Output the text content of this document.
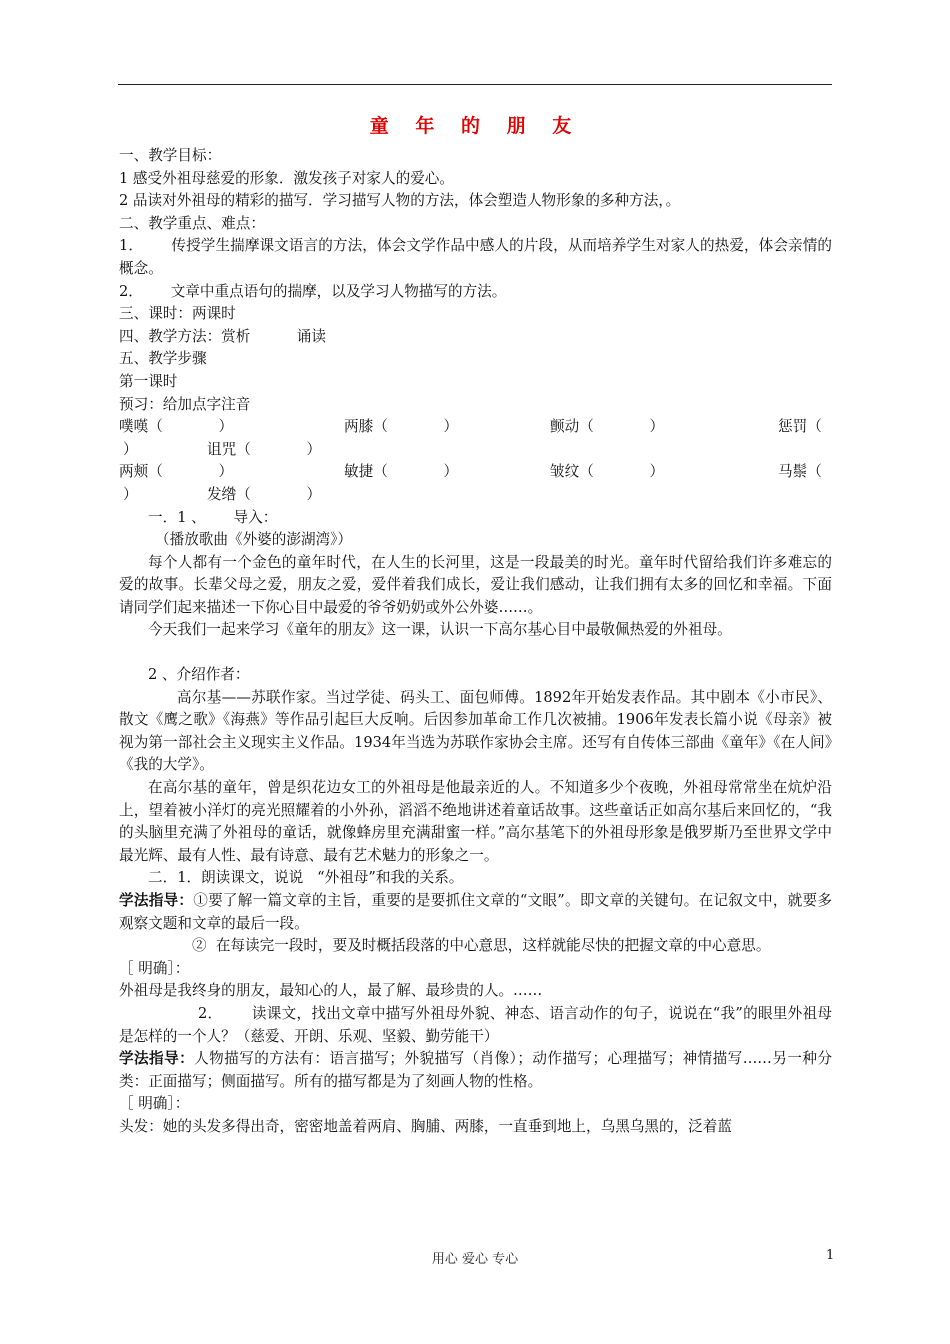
童 年 的 朋 友

一、教学目标：

1 感受外祖母慈爱的形象．激发孩子对家人的爱心。

2 品读对外祖母的精彩的描写．学习描写人物的方法，体会塑造人物形象的多种方法，。

二、教学重点、难点：

1．      传授学生揣摩课文语言的方法，体会文学作品中感人的片段，从而培养学生对家人的热爱，体会亲情的概念。

2．      文章中重点语句的揣摩，以及学习人物描写的方法。

三、课时：两课时

四、教学方法：赏析          诵读

五、教学步骤

第一课时

预习：给加点字注音

噗嘆（            ）	两膝（            ）	颤动（            ）	惩罚（
）	诅咒（            ）
两颊（            ）	敏捷（            ）	皱纹（            ）	马鬃（
）	发绺（            ）

一．1 、      导入：

（播放歌曲《外婆的澎湖湾》）

每个人都有一个金色的童年时代，在人生的长河里，这是一段最美的时光。童年时代留给我们许多难忘的爱的故事。长辈父母之爱，朋友之爱，爱伴着我们成长，爱让我们感动，让我们拥有太多的回忆和幸福。下面请同学们起来描述一下你心目中最爱的爷爷奶奶或外公外婆……。

今天我们一起来学习《童年的朋友》这一课，认识一下高尔基心目中最敬佩热爱的外祖母。

2 、介绍作者：

高尔基——苏联作家。当过学徒、码头工、面包师傅。1892年开始发表作品。其中剧本《小市民》、散文《鹰之歌》《海燕》等作品引起巨大反响。后因参加革命工作几次被捕。1906年发表长篇小说《母亲》被视为第一部社会主义现实主义作品。1934年当选为苏联作家协会主席。还写有自传体三部曲《童年》《在人间》《我的大学》。

在高尔基的童年，曾是织花边女工的外祖母是他最亲近的人。不知道多少个夜晚，外祖母常常坐在炕炉沿上，望着被小洋灯的亮光照耀着的小外孙，滔滔不绝地讲述着童话故事。这些童话正如高尔基后来回忆的，“我的头脑里充满了外祖母的童话，就像蜂房里充满甜蜜一样。”高尔基笔下的外祖母形象是俄罗斯乃至世界文学中最光辉、最有人性、最有诗意、最有艺术魅力的形象之一。

二．1．朗读课文，说说   “外祖母”和我的关系。

学法指导：①要了解一篇文章的主旨，重要的是要抓住文章的“文眼”。即文章的关键句。在记叙文中，就要多观察文题和文章的最后一段。

②  在每读完一段时，要及时概括段落的中心意思，这样就能尽快的把握文章的中心意思。

［ 明确］：

外祖母是我终身的朋友，最知心的人，最了解、最珍贵的人。……

2．      读课文，找出文章中描写外祖母外貌、神态、语言动作的句子，说说在“我”的眼里外祖母是怎样的一个人？（慈爱、开朗、乐观、坚毅、勤劳能干）

学法指导：人物描写的方法有：语言描写；外貌描写（肖像）；动作描写；心理描写；神情描写……另一种分类：正面描写；侧面描写。所有的描写都是为了刻画人物的性格。

［ 明确］：

头发：她的头发多得出奇，密密地盖着两肩、胸脯、两膝，一直垂到地上，乌黑乌黑的，泛着蓝

用心 爱心 专心	1
